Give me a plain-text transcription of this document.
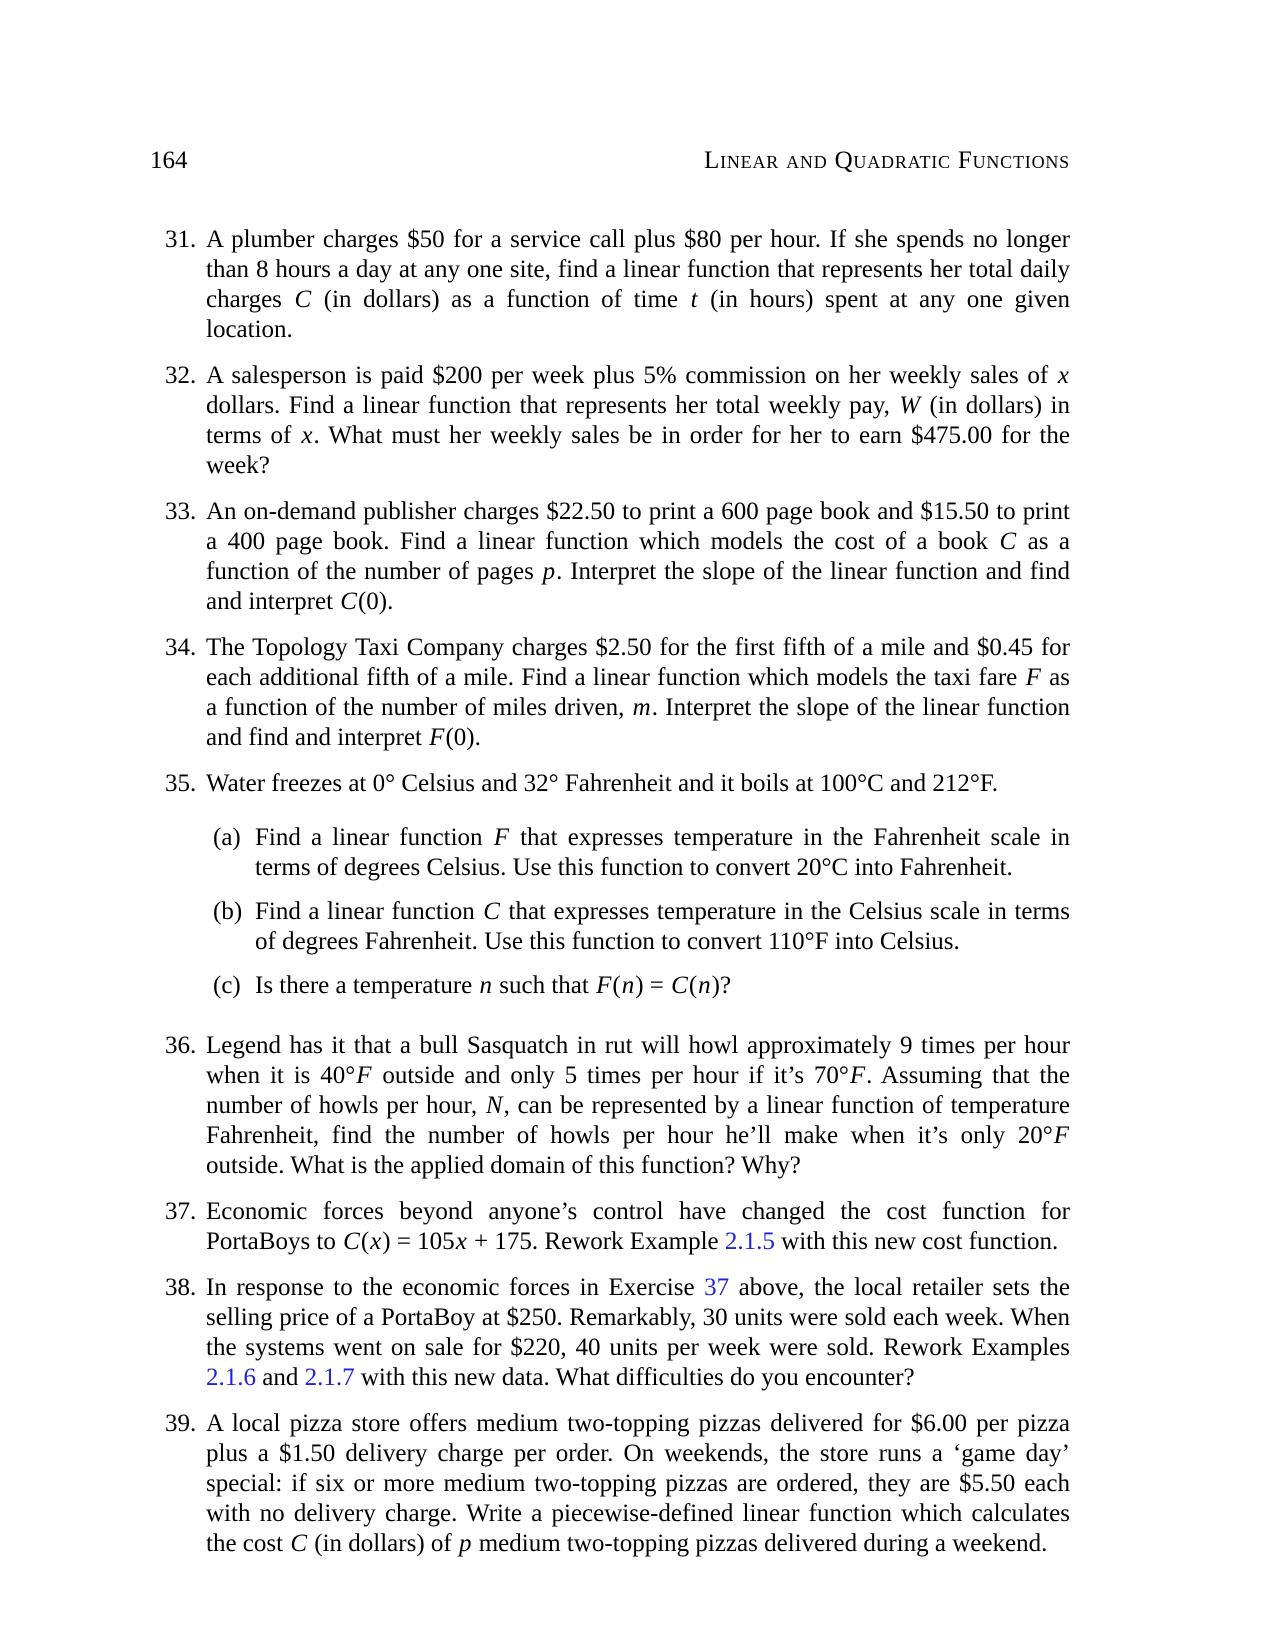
164	Linear and Quadratic Functions
31. A plumber charges $50 for a service call plus $80 per hour. If she spends no longer than 8 hours a day at any one site, find a linear function that represents her total daily charges C (in dollars) as a function of time t (in hours) spent at any one given location.

32. A salesperson is paid $200 per week plus 5% commission on her weekly sales of x dollars. Find a linear function that represents her total weekly pay, W (in dollars) in terms of x. What must her weekly sales be in order for her to earn $475.00 for the week?

33. An on-demand publisher charges $22.50 to print a 600 page book and $15.50 to print a 400 page book. Find a linear function which models the cost of a book C as a function of the number of pages p. Interpret the slope of the linear function and find and interpret C(0).

34. The Topology Taxi Company charges $2.50 for the first fifth of a mile and $0.45 for each additional fifth of a mile. Find a linear function which models the taxi fare F as a function of the number of miles driven, m. Interpret the slope of the linear function and find and interpret F(0).

35. Water freezes at 0° Celsius and 32° Fahrenheit and it boils at 100°C and 212°F.

(a) Find a linear function F that expresses temperature in the Fahrenheit scale in terms of degrees Celsius. Use this function to convert 20°C into Fahrenheit.

(b) Find a linear function C that expresses temperature in the Celsius scale in terms of degrees Fahrenheit. Use this function to convert 110°F into Celsius.

(c) Is there a temperature n such that F(n) = C(n)?

36. Legend has it that a bull Sasquatch in rut will howl approximately 9 times per hour when it is 40°F outside and only 5 times per hour if it’s 70°F. Assuming that the number of howls per hour, N, can be represented by a linear function of temperature Fahrenheit, find the number of howls per hour he’ll make when it’s only 20°F outside. What is the applied domain of this function? Why?

37. Economic forces beyond anyone’s control have changed the cost function for PortaBoys to C(x) = 105x + 175. Rework Example 2.1.5 with this new cost function.

38. In response to the economic forces in Exercise 37 above, the local retailer sets the selling price of a PortaBoy at $250. Remarkably, 30 units were sold each week. When the systems went on sale for $220, 40 units per week were sold. Rework Examples 2.1.6 and 2.1.7 with this new data. What difficulties do you encounter?

39. A local pizza store offers medium two-topping pizzas delivered for $6.00 per pizza plus a $1.50 delivery charge per order. On weekends, the store runs a ‘game day’ special: if six or more medium two-topping pizzas are ordered, they are $5.50 each with no delivery charge. Write a piecewise-defined linear function which calculates the cost C (in dollars) of p medium two-topping pizzas delivered during a weekend.
